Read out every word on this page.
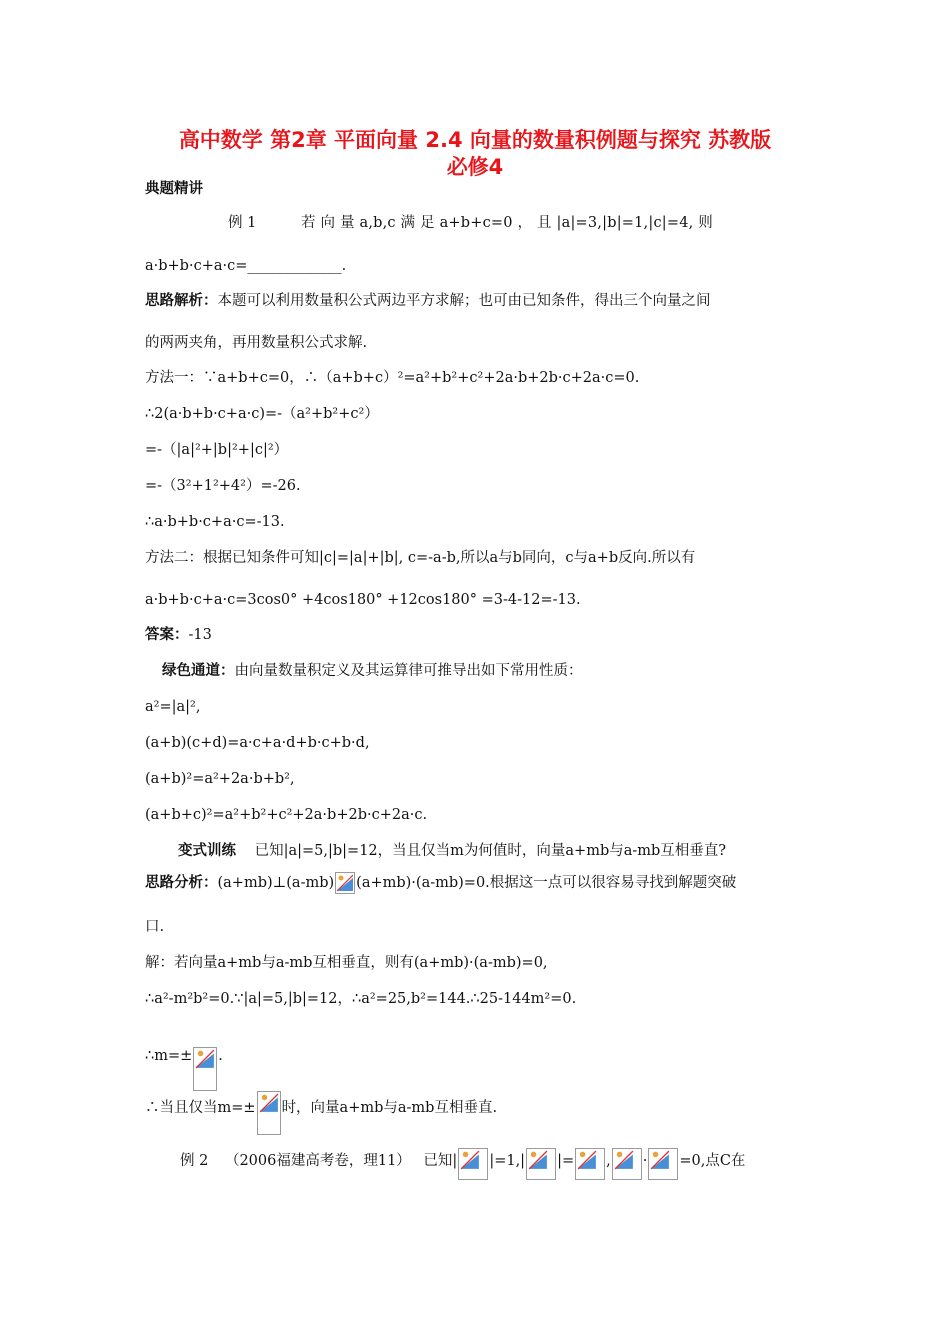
高中数学 第2章 平面向量 2.4 向量的数量积例题与探究 苏教版
必修4
典题精讲
例 1	若 向 量 a,b,c 满 足 a+b+c=0 ， 且 |a|=3,|b|=1,|c|=4, 则
a·b+b·c+a·c=_____________.
思路解析：本题可以利用数量积公式两边平方求解；也可由已知条件，得出三个向量之间
的两两夹角，再用数量积公式求解.
方法一：∵a+b+c=0，∴（a+b+c）²=a²+b²+c²+2a·b+2b·c+2a·c=0.
∴2(a·b+b·c+a·c)=-（a²+b²+c²）
=-（|a|²+|b|²+|c|²）
=-（3²+1²+4²）=-26.
∴a·b+b·c+a·c=-13.
方法二：根据已知条件可知|c|=|a|+|b|, c=-a-b,所以a与b同向，c与a+b反向.所以有
a·b+b·c+a·c=3cos0° +4cos180° +12cos180° =3-4-12=-13.
答案：-13
绿色通道：由向量数量积定义及其运算律可推导出如下常用性质：
a²=|a|²,
(a+b)(c+d)=a·c+a·d+b·c+b·d,
(a+b)²=a²+2a·b+b²,
(a+b+c)²=a²+b²+c²+2a·b+2b·c+2a·c.
变式训练 已知|a|=5,|b|=12，当且仅当m为何值时，向量a+mb与a-mb互相垂直?
思路分析：(a+mb)⊥(a-mb) (a+mb)·(a-mb)=0.根据这一点可以很容易寻找到解题突破
口.
解：若向量a+mb与a-mb互相垂直，则有(a+mb)·(a-mb)=0,
∴a²-m²b²=0.∵|a|=5,|b|=12，∴a²=25,b²=144.∴25-144m²=0.
∴m=± .
∴当且仅当m=± 时，向量a+mb与a-mb互相垂直.
例 2 （2006福建高考卷，理11） 已知| |=1,| |= , · =0,点C在
